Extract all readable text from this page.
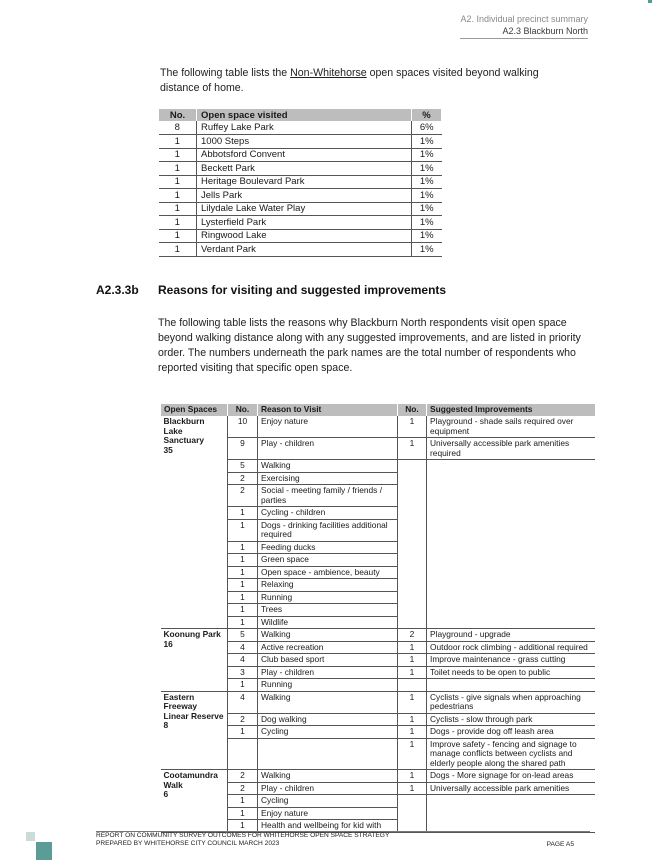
A2. Individual precinct summary
A2.3 Blackburn North

The following table lists the Non-Whitehorse open spaces visited beyond walking distance of home.

No.	Open space visited	%
8	Ruffey Lake Park	6%
1	1000 Steps	1%
1	Abbotsford Convent	1%
1	Beckett Park	1%
1	Heritage Boulevard Park	1%
1	Jells Park	1%
1	Lilydale Lake Water Play	1%
1	Lysterfield Park	1%
1	Ringwood Lake	1%
1	Verdant Park	1%
A2.3.3b Reasons for visiting and suggested improvements

The following table lists the reasons why Blackburn North respondents visit open space beyond walking distance along with any suggested improvements, and are listed in priority order. The numbers underneath the park names are the total number of respondents who reported visiting that specific open space.

Open Spaces	No.	Reason to Visit	No.	Suggested Improvements

Blackburn Lake Sanctuary
35	10	Enjoy nature	1	Playground - shade sails required over equipment
	9	Play - children	1	Universally accessible park amenities required
	5	Walking		
	2	Exercising		
	2	Social - meeting family / friends / parties		
	1	Cycling - children		
	1	Dogs - drinking facilities additional required		
	1	Feeding ducks		
	1	Green space		
	1	Open space - ambience, beauty		
	1	Relaxing		
	1	Running		
	1	Trees		
	1	Wildlife		

Koonung Park
16	5	Walking	2	Playground - upgrade
	4	Active recreation	1	Outdoor rock climbing - additional required
	4	Club based sport	1	Improve maintenance - grass cutting
	3	Play - children	1	Toilet needs to be open to public
	1	Running		

Eastern Freeway Linear Reserve
8	4	Walking	1	Cyclists - give signals when approaching pedestrians
	2	Dog walking	1	Cyclists - slow through park
	1	Cycling	1	Dogs - provide dog off leash area
			1	Improve safety - fencing and signage to manage conflicts between cyclists and elderly people along the shared path

Cootamundra Walk
6	2	Walking	1	Dogs - More signage for on-lead areas
	2	Play - children	1	Universally accessible park amenities
	1	Cycling		
	1	Enjoy nature		
	1	Health and wellbeing for kid with		
REPORT ON COMMUNITY SURVEY OUTCOMES FOR WHITEHORSE OPEN SPACE STRATEGY
PREPARED BY WHITEHORSE CITY COUNCIL MARCH 2023	PAGE A5
